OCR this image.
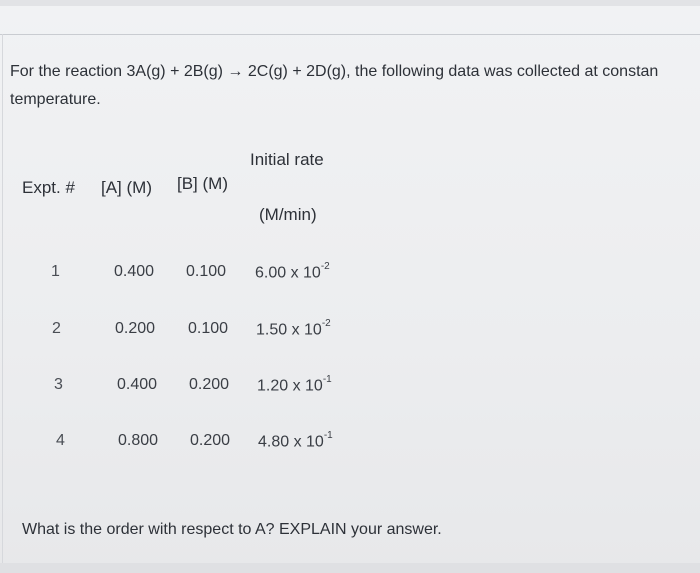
For the reaction 3A(g) + 2B(g) → 2C(g) + 2D(g), the following data was collected at constan
temperature.
Expt. # [A] (M) [B] (M)
Initial rate
(M/min)
1	0.400 0.100 6.00 x $10^{-2}$
2	0.200 0.100 1.50 x $10^{-2}$
3	0.400 0.200 1.20 x $10^{-1}$
4	0.800 0.200 4.80 x $10^{-1}$
What is the order with respect to A? EXPLAIN your answer.
